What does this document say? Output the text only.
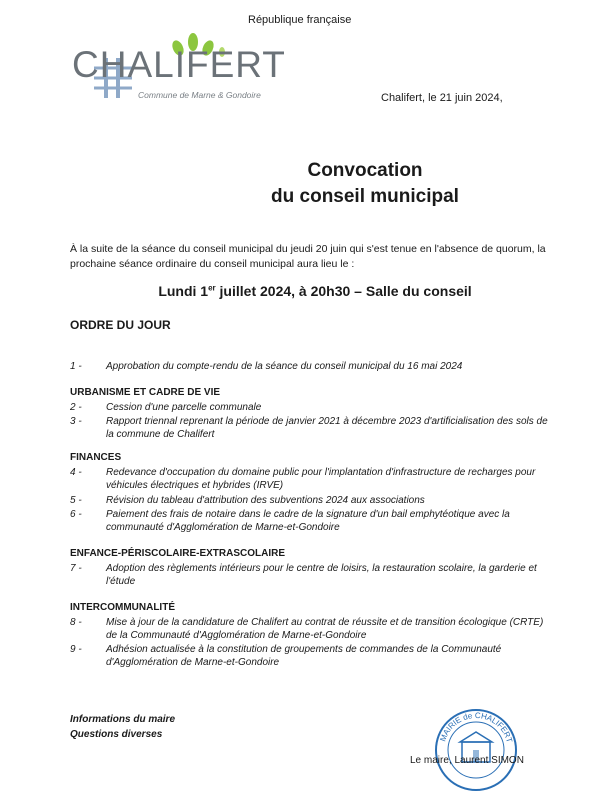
République française
CHALIFERT
Commune de Marne & Gondoire	Chalifert, le 21 juin 2024,
Convocation
du conseil municipal
À la suite de la séance du conseil municipal du jeudi 20 juin qui s'est tenue en l'absence de quorum, la prochaine séance ordinaire du conseil municipal aura lieu le :
Lundi 1er juillet 2024, à 20h30 – Salle du conseil
ORDRE DU JOUR
1 - Approbation du compte-rendu de la séance du conseil municipal du 16 mai 2024
URBANISME ET CADRE DE VIE
2 - Cession d'une parcelle communale
3 - Rapport triennal reprenant la période de janvier 2021 à décembre 2023 d'artificialisation des sols de la commune de Chalifert
FINANCES
4 - Redevance d'occupation du domaine public pour l'implantation d'infrastructure de recharges pour véhicules électriques et hybrides (IRVE)
5 - Révision du tableau d'attribution des subventions 2024 aux associations
6 - Paiement des frais de notaire dans le cadre de la signature d'un bail emphytéotique avec la communauté d'Agglomération de Marne-et-Gondoire
ENFANCE-PÉRISCOLAIRE-EXTRASCOLAIRE
7 - Adoption des règlements intérieurs pour le centre de loisirs, la restauration scolaire, la garderie et l'étude
INTERCOMMUNALITÉ
8 - Mise à jour de la candidature de Chalifert au contrat de réussite et de transition écologique (CRTE) de la Communauté d'Agglomération de Marne-et-Gondoire
9 - Adhésion actualisée à la constitution de groupements de commandes de la Communauté d'Agglomération de Marne-et-Gondoire
Informations du maire
Questions diverses	MAIRIE de CHALIFERT
Le maire, Laurent SIMON
